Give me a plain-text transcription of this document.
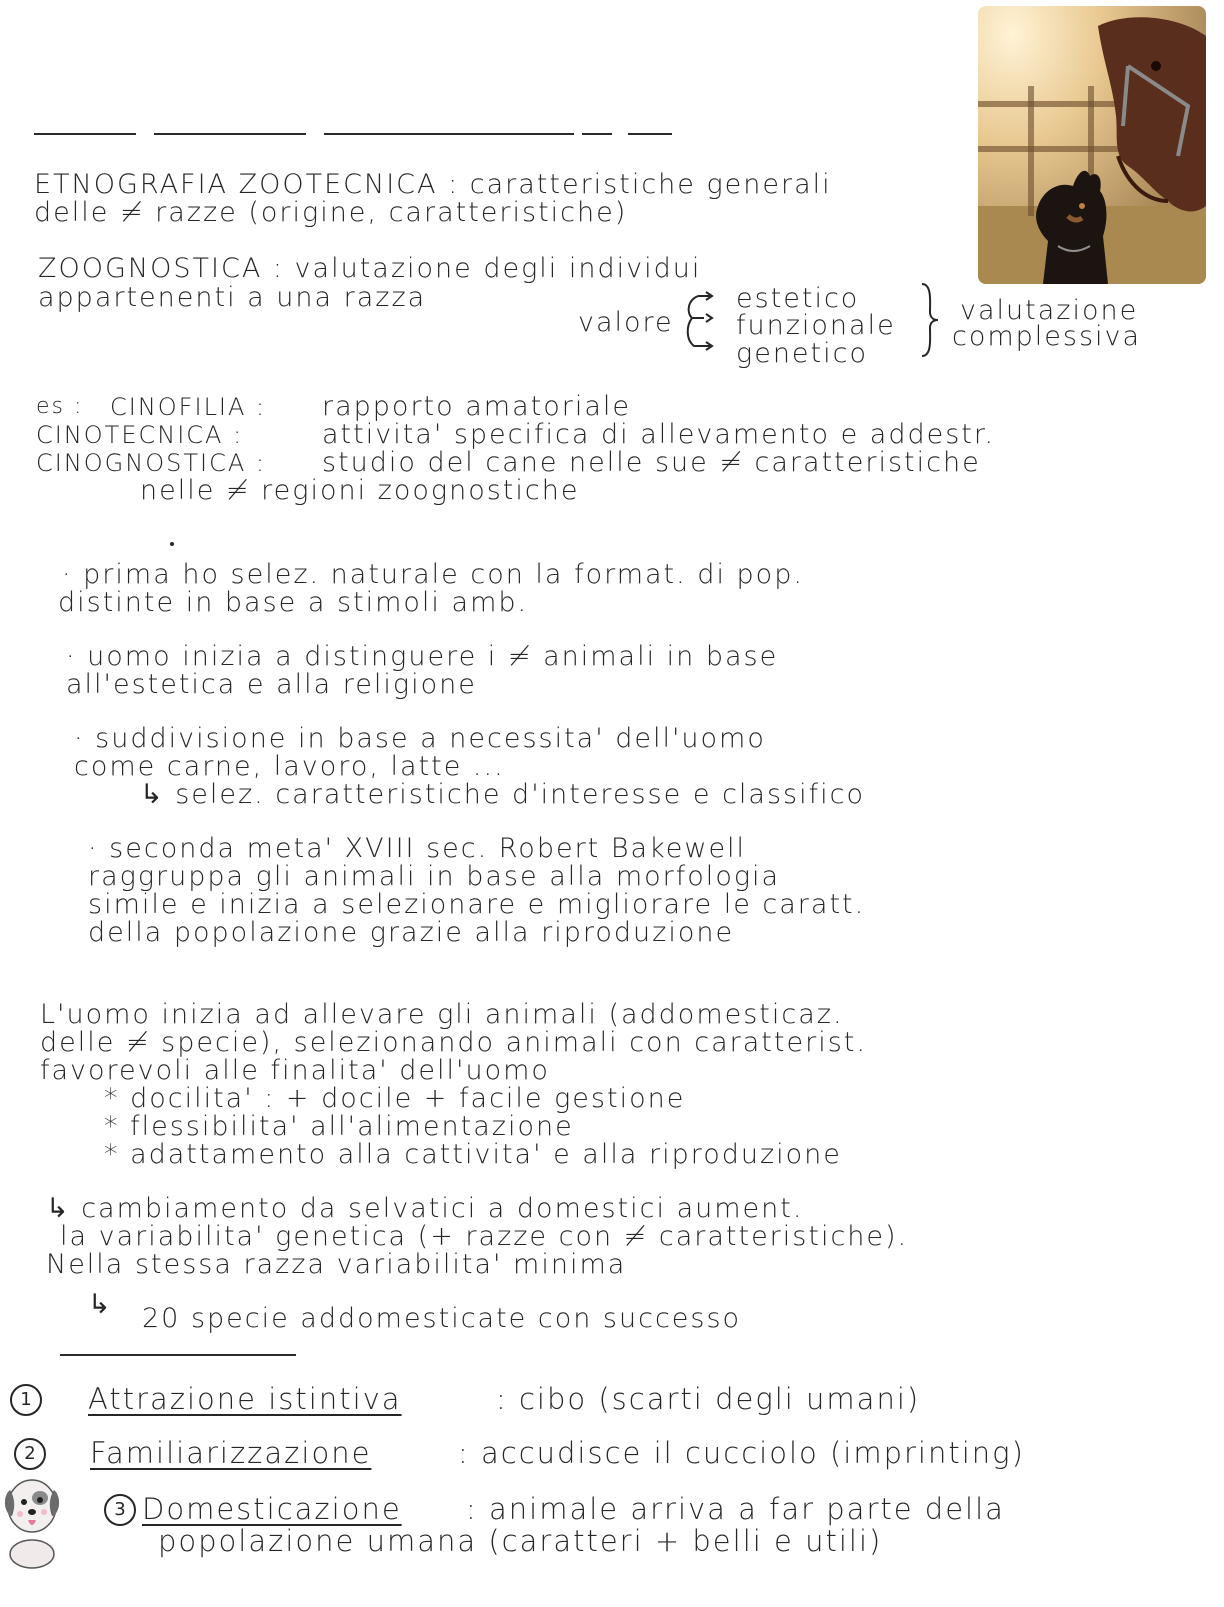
ETNOGRAFIA ZOOTECNICA : caratteristiche generali
delle ≠ razze (origine, caratteristiche)
ZOOGNOSTICA : valutazione degli individui
appartenenti a una razza
valore
estetico
funzionale
genetico
valutazione
complessiva
es : CINOFILIA : rapporto amatoriale
CINOTECNICA :	attivita' specifica di allevamento e addestr.
CINOGNOSTICA : studio del cane nelle sue ≠ caratteristiche
nelle ≠ regioni zoognostiche
· prima ho selez. naturale con la format. di pop.
distinte in base a stimoli amb.
· uomo inizia a distinguere i ≠ animali in base
all'estetica e alla religione
· suddivisione in base a necessita' dell'uomo
come carne, lavoro, latte ...
↳ selez. caratteristiche d'interesse e classifico
· seconda meta' XVIII sec. Robert Bakewell
raggruppa gli animali in base alla morfologia
simile e inizia a selezionare e migliorare le caratt.
della popolazione grazie alla riproduzione
L'uomo inizia ad allevare gli animali (addomesticaz.
delle ≠ specie), selezionando animali con caratterist.
favorevoli alle finalita' dell'uomo
* docilita' : + docile + facile gestione
* flessibilita' all'alimentazione
* adattamento alla cattivita' e alla riproduzione
↳ cambiamento da selvatici a domestici aument.
la variabilita' genetica (+ razze con ≠ caratteristiche).
Nella stessa razza variabilita' minima
↳ 20 specie addomesticate con successo
1	Attrazione istintiva	: cibo (scarti degli umani)
2	Familiarizzazione	: accudisce il cucciolo (imprinting)
3 Domesticazione : animale arriva a far parte della
popolazione umana (caratteri + belli e utili)
